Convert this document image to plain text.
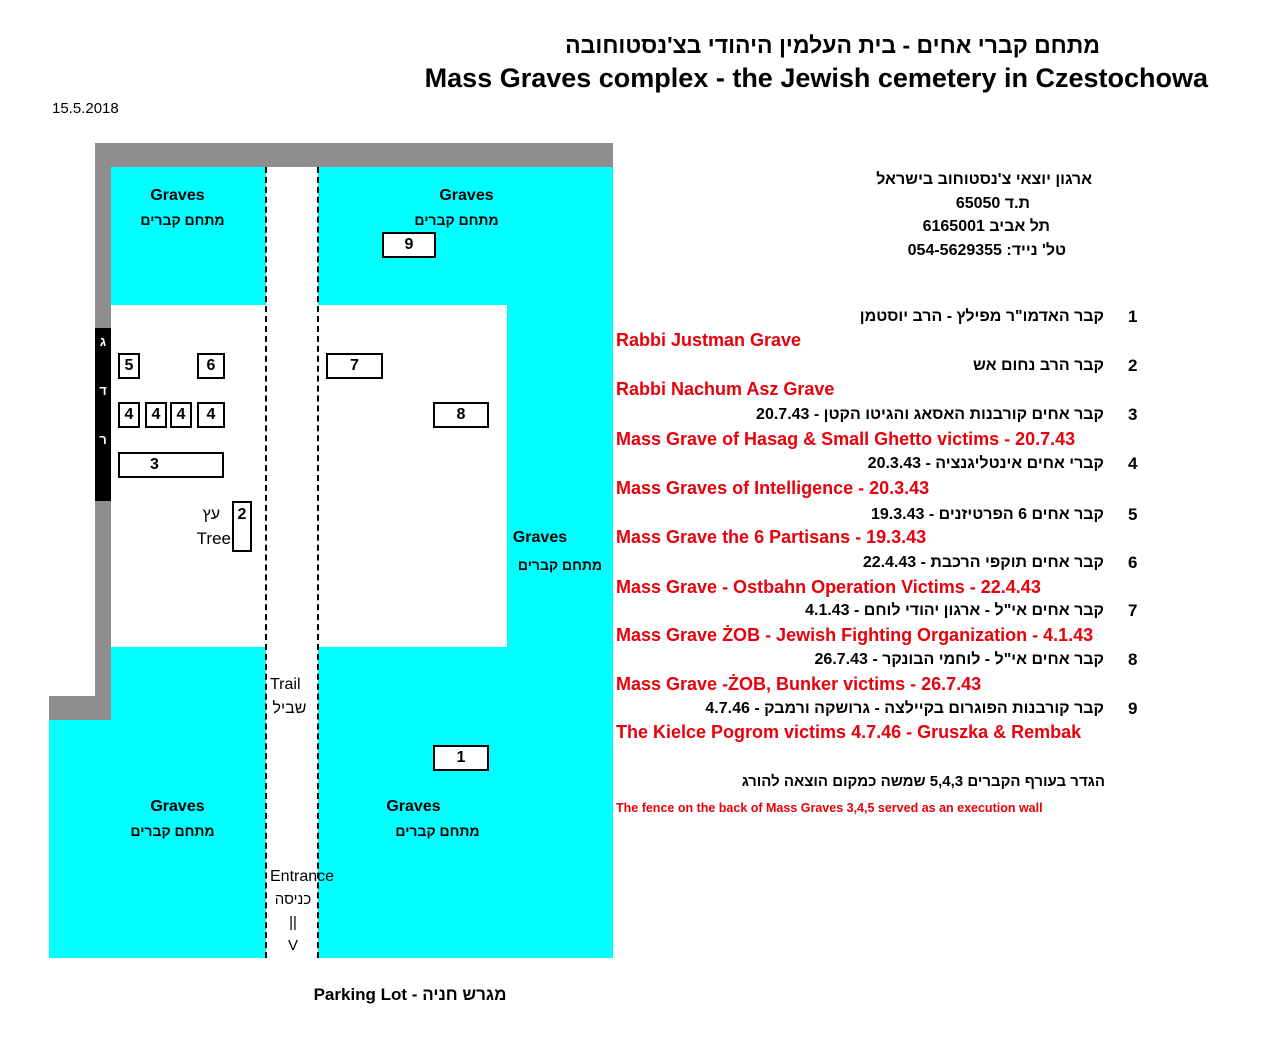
מתחם קברי אחים - בית העלמין היהודי בצ'נסטוחובה
Mass Graves complex - the Jewish cemetery in Czestochowa
15.5.2018
ג
ד
ר
Graves
מתחם קברים
Graves
מתחם קברים
Graves
מתחם קברים
Graves
מתחם קברים
Graves
מתחם קברים
9
5	6	7
4	4	4	4	8
3
2
1
עץ
Tree
Trail
שביל
Entrance
כניסה
||
V
Parking Lot - מגרש חניה
ארגון יוצאי צ'נסטוחוב בישראל
ת.ד 65050
תל אביב 6165001
טל' נייד: 054-5629355
1
קבר האדמו"ר מפילץ - הרב יוסטמן
Rabbi Justman Grave
2
קבר הרב נחום אש
Rabbi Nachum Asz Grave
3
קבר אחים קורבנות האסאג והגיטו הקטן - 20.7.43
Mass Grave of Hasag & Small Ghetto victims - 20.7.43
4
קברי אחים אינטליגנציה - 20.3.43
Mass Graves of Intelligence - 20.3.43
5
קבר אחים 6 הפרטיזנים - 19.3.43
Mass Grave the 6 Partisans - 19.3.43
6
קבר אחים תוקפי הרכבת - 22.4.43
Mass Grave - Ostbahn Operation Victims - 22.4.43
7
קבר אחים אי"ל - ארגון יהודי לוחם - 4.1.43
Mass Grave ŻOB - Jewish Fighting Organization - 4.1.43
8
קבר אחים אי"ל - לוחמי הבונקר - 26.7.43
Mass Grave -ŻOB, Bunker victims - 26.7.43
9
קבר קורבנות הפוגרום בקיילצה - גרושקה ורמבק - 4.7.46
The Kielce Pogrom victims 4.7.46 - Gruszka & Rembak
הגדר בעורף הקברים 5,4,3 שמשה כמקום הוצאה להורג
The fence on the back of Mass Graves 3,4,5 served as an execution wall
